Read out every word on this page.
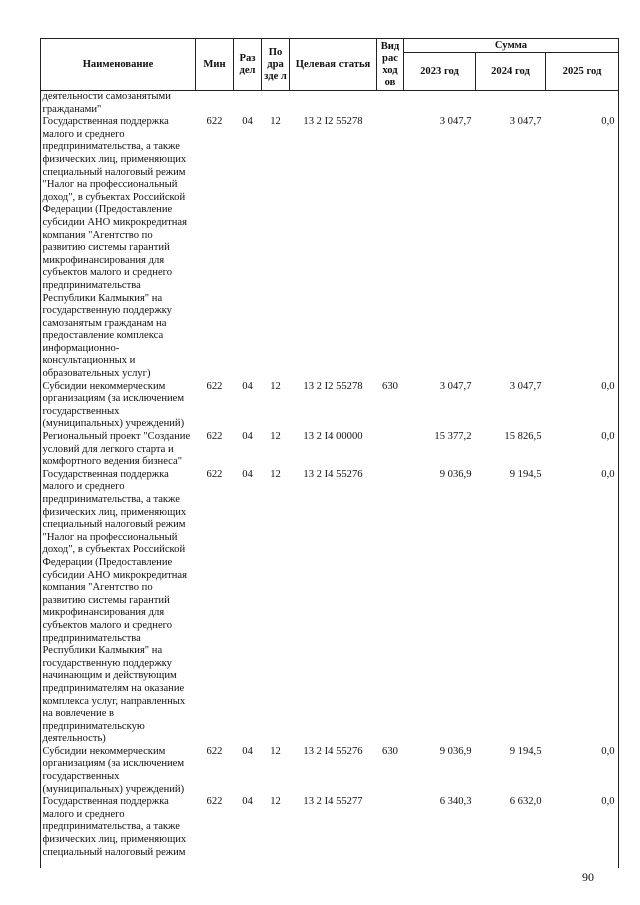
Наименование	Мин	Раз дел	По дра зде л	Целевая статья	Вид рас ход ов	Сумма		
						2023 год	2024 год	2025 год
деятельности самозанятыми гражданами"								
Государственная поддержка малого и среднего предпринимательства, а также физических лиц, применяющих специальный налоговый режим "Налог на профессиональный доход", в субъектах Российской Федерации (Предоставление субсидии АНО микрокредитная компания "Агентство по развитию системы гарантий микрофинансирования для субъектов малого и среднего предпринимательства Республики Калмыкия" на государственную поддержку самозанятым гражданам на предоставление комплекса информационно-консультационных и образовательных услуг)	622	04	12	13 2 I2 55278		3 047,7	3 047,7	0,0
Субсидии некоммерческим организациям (за исключением государственных (муниципальных) учреждений)	622	04	12	13 2 I2 55278	630	3 047,7	3 047,7	0,0
Региональный проект "Создание условий для легкого старта и комфортного ведения бизнеса"	622	04	12	13 2 I4 00000		15 377,2	15 826,5	0,0
Государственная поддержка малого и среднего предпринимательства, а также физических лиц, применяющих специальный налоговый режим "Налог на профессиональный доход", в субъектах Российской Федерации (Предоставление субсидии АНО микрокредитная компания "Агентство по развитию системы гарантий микрофинансирования для субъектов малого и среднего предпринимательства Республики Калмыкия" на государственную поддержку начинающим и действующим предпринимателям на оказание комплекса услуг, направленных на вовлечение в предпринимательскую деятельность)	622	04	12	13 2 I4 55276		9 036,9	9 194,5	0,0
Субсидии некоммерческим организациям (за исключением государственных (муниципальных) учреждений)	622	04	12	13 2 I4 55276	630	9 036,9	9 194,5	0,0
Государственная поддержка малого и среднего предпринимательства, а также физических лиц, применяющих специальный налоговый режим	622	04	12	13 2 I4 55277		6 340,3	6 632,0	0,0
90
